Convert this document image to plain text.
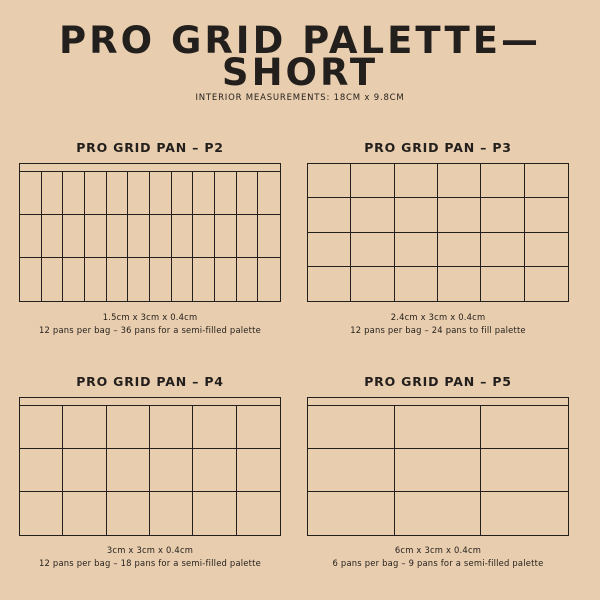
PRO GRID PALETTE—
SHORT
INTERIOR MEASUREMENTS: 18CM x 9.8CM
PRO GRID PAN – P2
1.5cm x 3cm x 0.4cm
12 pans per bag – 36 pans for a semi-filled palette
PRO GRID PAN – P3
2.4cm x 3cm x 0.4cm
12 pans per bag – 24 pans to fill palette
PRO GRID PAN – P4
3cm x 3cm x 0.4cm
12 pans per bag – 18 pans for a semi-filled palette
PRO GRID PAN – P5
6cm x 3cm x 0.4cm
6 pans per bag – 9 pans for a semi-filled palette
